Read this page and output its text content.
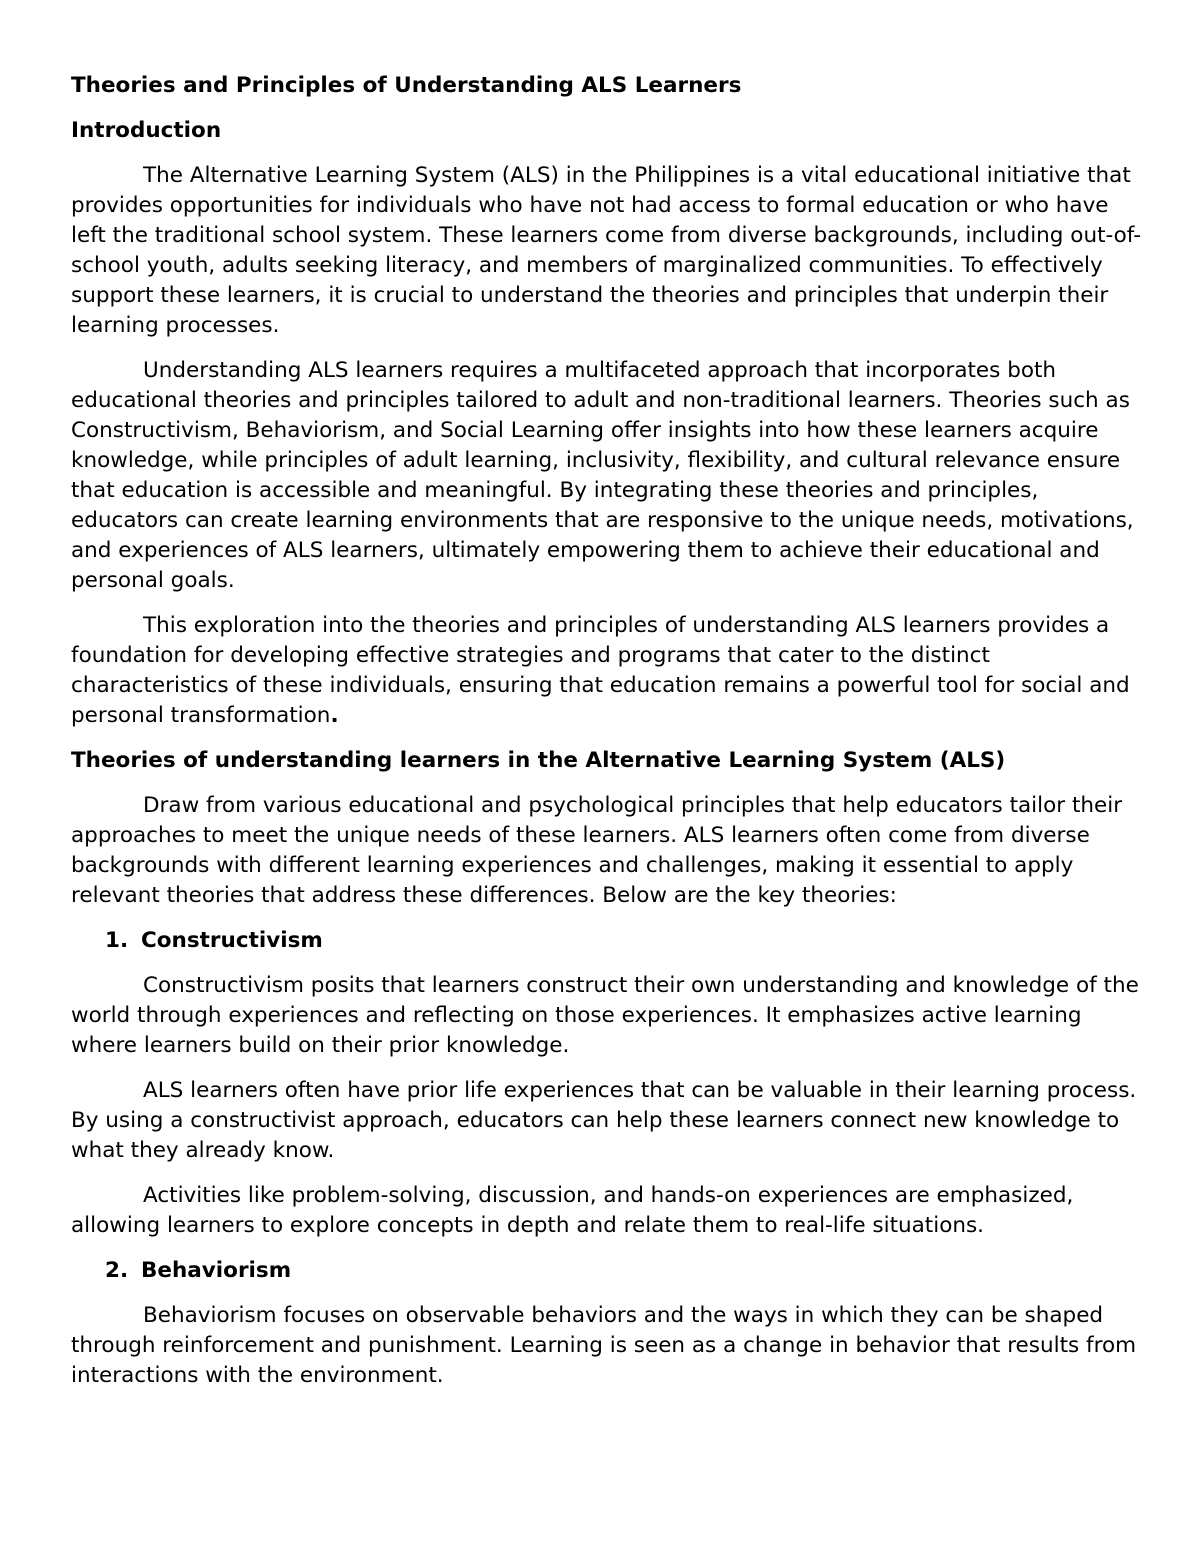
Theories and Principles of Understanding ALS Learners

Introduction

The Alternative Learning System (ALS) in the Philippines is a vital educational initiative that provides opportunities for individuals who have not had access to formal education or who have left the traditional school system. These learners come from diverse backgrounds, including out-of-school youth, adults seeking literacy, and members of marginalized communities. To effectively support these learners, it is crucial to understand the theories and principles that underpin their learning processes.

Understanding ALS learners requires a multifaceted approach that incorporates both educational theories and principles tailored to adult and non-traditional learners. Theories such as Constructivism, Behaviorism, and Social Learning offer insights into how these learners acquire knowledge, while principles of adult learning, inclusivity, flexibility, and cultural relevance ensure that education is accessible and meaningful. By integrating these theories and principles, educators can create learning environments that are responsive to the unique needs, motivations, and experiences of ALS learners, ultimately empowering them to achieve their educational and personal goals.

This exploration into the theories and principles of understanding ALS learners provides a foundation for developing effective strategies and programs that cater to the distinct characteristics of these individuals, ensuring that education remains a powerful tool for social and personal transformation.

Theories of understanding learners in the Alternative Learning System (ALS)

Draw from various educational and psychological principles that help educators tailor their approaches to meet the unique needs of these learners. ALS learners often come from diverse backgrounds with different learning experiences and challenges, making it essential to apply relevant theories that address these differences. Below are the key theories:

1. Constructivism

Constructivism posits that learners construct their own understanding and knowledge of the world through experiences and reflecting on those experiences. It emphasizes active learning where learners build on their prior knowledge.

ALS learners often have prior life experiences that can be valuable in their learning process. By using a constructivist approach, educators can help these learners connect new knowledge to what they already know.

Activities like problem-solving, discussion, and hands-on experiences are emphasized, allowing learners to explore concepts in depth and relate them to real-life situations.

2. Behaviorism

Behaviorism focuses on observable behaviors and the ways in which they can be shaped through reinforcement and punishment. Learning is seen as a change in behavior that results from interactions with the environment.
